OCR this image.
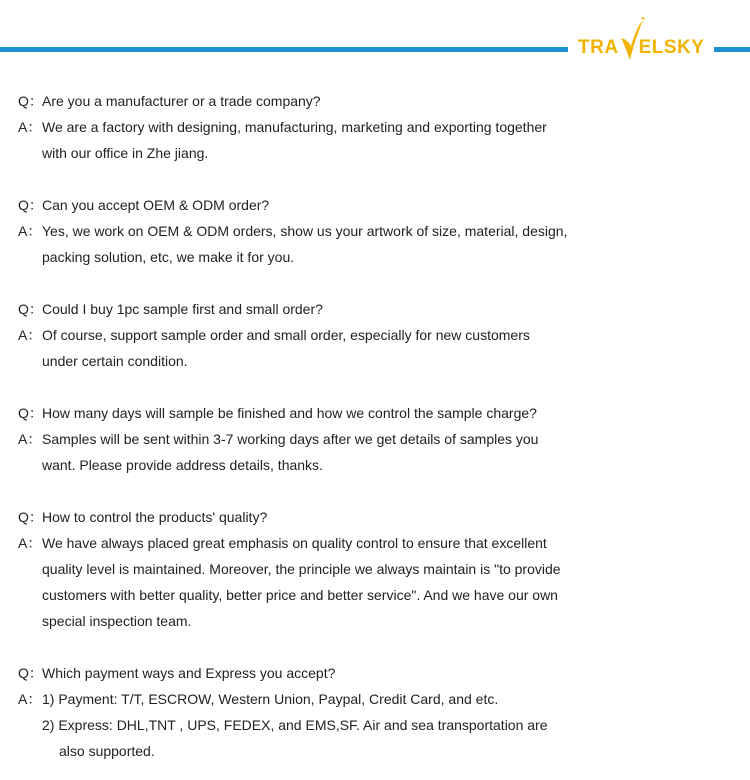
TRA ELSKY
Q：Are you a manufacturer or a trade company?
A：We are a factory with designing, manufacturing, marketing and exporting together
with our office in Zhe jiang.
Q：Can you accept OEM & ODM order?
A：Yes, we work on OEM & ODM orders, show us your artwork of size, material, design,
packing solution, etc, we make it for you.
Q：Could I buy 1pc sample first and small order?
A：Of course, support sample order and small order, especially for new customers
under certain condition.
Q：How many days will sample be finished and how we control the sample charge?
A：Samples will be sent within 3-7 working days after we get details of samples you
want. Please provide address details, thanks.
Q：How to control the products' quality?
A：We have always placed great emphasis on quality control to ensure that excellent
quality level is maintained. Moreover, the principle we always maintain is "to provide
customers with better quality, better price and better service". And we have our own
special inspection team.
Q：Which payment ways and Express you accept?
A：1) Payment: T/T, ESCROW, Western Union, Paypal, Credit Card, and etc.
2) Express: DHL,TNT , UPS, FEDEX, and EMS,SF. Air and sea transportation are
also supported.
